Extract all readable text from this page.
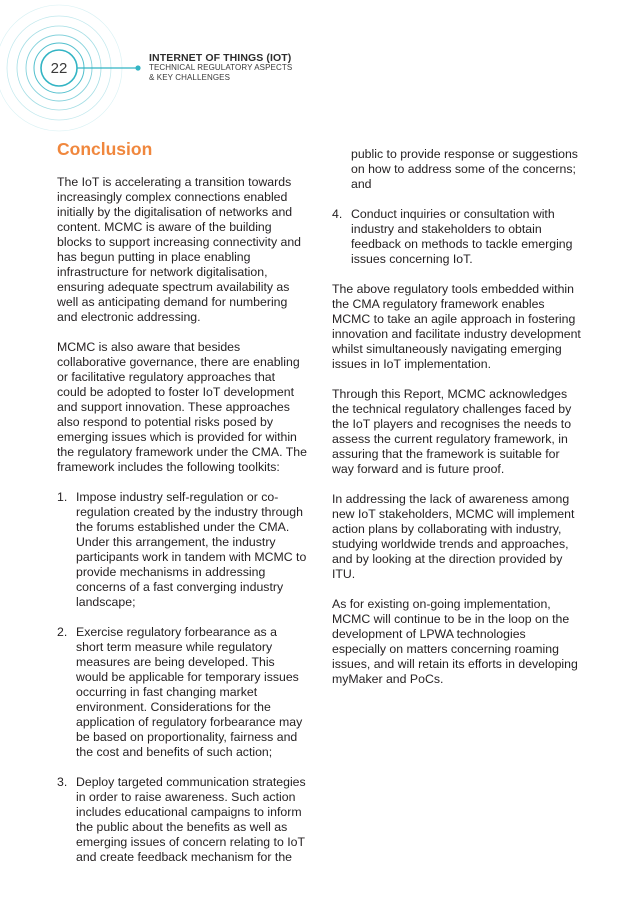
22
INTERNET OF THINGS (IOT)
TECHNICAL REGULATORY ASPECTS
& KEY CHALLENGES
Conclusion

The IoT is accelerating a transition towards increasingly complex connections enabled initially by the digitalisation of networks and content. MCMC is aware of the building blocks to support increasing connectivity and has begun putting in place enabling infrastructure for network digitalisation, ensuring adequate spectrum availability as well as anticipating demand for numbering and electronic addressing.

MCMC is also aware that besides collaborative governance, there are enabling or facilitative regulatory approaches that could be adopted to foster IoT development and support innovation. These approaches also respond to potential risks posed by emerging issues which is provided for within the regulatory framework under the CMA. The framework includes the following toolkits:

1. Impose industry self-regulation or co-regulation created by the industry through the forums established under the CMA. Under this arrangement, the industry participants work in tandem with MCMC to provide mechanisms in addressing concerns of a fast converging industry landscape;
2. Exercise regulatory forbearance as a short term measure while regulatory measures are being developed. This would be applicable for temporary issues occurring in fast changing market environment. Considerations for the application of regulatory forbearance may be based on proportionality, fairness and the cost and benefits of such action;
3. Deploy targeted communication strategies in order to raise awareness. Such action includes educational campaigns to inform the public about the benefits as well as emerging issues of concern relating to IoT and create feedback mechanism for the
public to provide response or suggestions on how to address some of the concerns; and
4. Conduct inquiries or consultation with industry and stakeholders to obtain feedback on methods to tackle emerging issues concerning IoT.

The above regulatory tools embedded within the CMA regulatory framework enables MCMC to take an agile approach in fostering innovation and facilitate industry development whilst simultaneously navigating emerging issues in IoT implementation.

Through this Report, MCMC acknowledges the technical regulatory challenges faced by the IoT players and recognises the needs to assess the current regulatory framework, in assuring that the framework is suitable for way forward and is future proof.

In addressing the lack of awareness among new IoT stakeholders, MCMC will implement action plans by collaborating with industry, studying worldwide trends and approaches, and by looking at the direction provided by ITU.

As for existing on-going implementation, MCMC will continue to be in the loop on the development of LPWA technologies especially on matters concerning roaming issues, and will retain its efforts in developing myMaker and PoCs.
